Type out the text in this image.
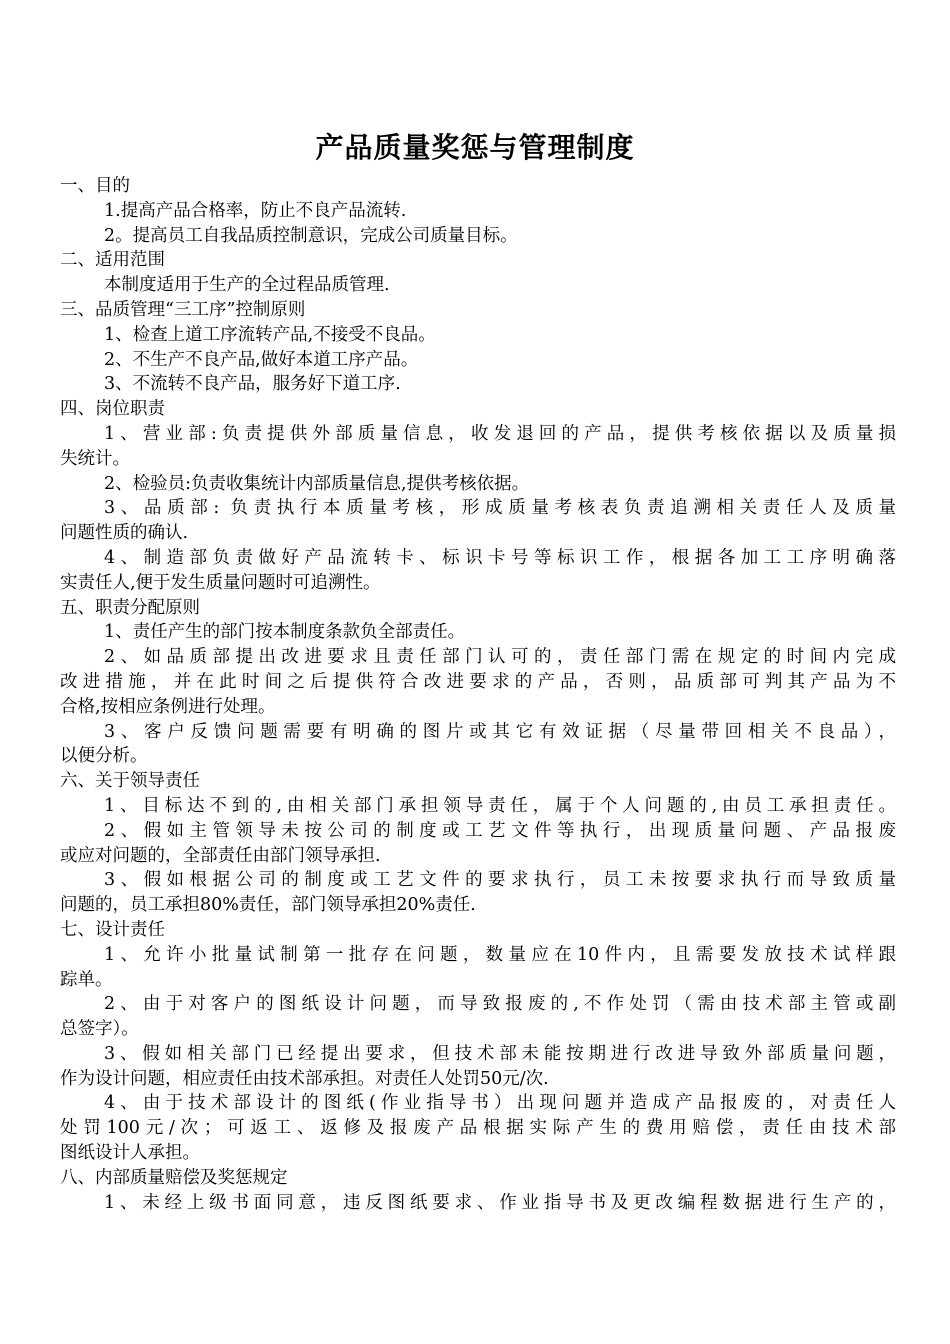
产品质量奖惩与管理制度
一、目的
1.提高产品合格率，防止不良产品流转.
2。提高员工自我品质控制意识，完成公司质量目标。
二、适用范围
本制度适用于生产的全过程品质管理.
三、品质管理“三工序”控制原则
1、检查上道工序流转产品,不接受不良品。
2、不生产不良产品,做好本道工序产品。
3、不流转不良产品，服务好下道工序.
四、岗位职责
1、营业部:负责提供外部质量信息，收发退回的产品，提供考核依据以及质量损
失统计。
2、检验员:负责收集统计内部质量信息,提供考核依据。
3、品质部: 负责执行本质量考核，形成质量考核表负责追溯相关责任人及质量
问题性质的确认.
4、制造部负责做好产品流转卡、标识卡号等标识工作，根据各加工工序明确落
实责任人,便于发生质量问题时可追溯性。
五、职责分配原则
1、责任产生的部门按本制度条款负全部责任。
2、如品质部提出改进要求且责任部门认可的，责任部门需在规定的时间内完成
改进措施，并在此时间之后提供符合改进要求的产品，否则，品质部可判其产品为不
合格,按相应条例进行处理。
3、客户反馈问题需要有明确的图片或其它有效证据（尽量带回相关不良品），
以便分析。
六、关于领导责任
1、目标达不到的,由相关部门承担领导责任，属于个人问题的,由员工承担责任。
2、假如主管领导未按公司的制度或工艺文件等执行，出现质量问题、产品报废
或应对问题的，全部责任由部门领导承担.
3、假如根据公司的制度或工艺文件的要求执行，员工未按要求执行而导致质量
问题的，员工承担80%责任，部门领导承担20%责任.
七、设计责任
1、允许小批量试制第一批存在问题，数量应在10件内，且需要发放技术试样跟
踪单。
2、由于对客户的图纸设计问题，而导致报废的,不作处罚（需由技术部主管或副
总签字）。
3、假如相关部门已经提出要求，但技术部未能按期进行改进导致外部质量问题，
作为设计问题，相应责任由技术部承担。对责任人处罚50元/次.
4、由于技术部设计的图纸(作业指导书）出现问题并造成产品报废的，对责任人
处罚100元/次；可返工、返修及报废产品根据实际产生的费用赔偿，责任由技术部
图纸设计人承担。
八、内部质量赔偿及奖惩规定
1、未经上级书面同意，违反图纸要求、作业指导书及更改编程数据进行生产的，
